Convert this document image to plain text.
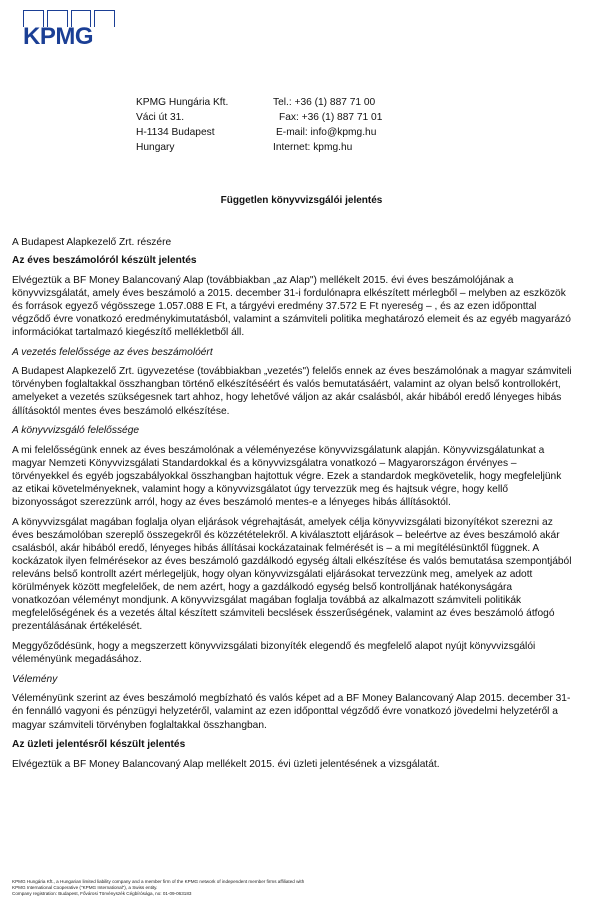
KPMG
KPMG Hungária Kft.	Tel.: +36 (1) 887 71 00
Váci út 31.	Fax: +36 (1) 887 71 01
H-1134 Budapest	E-mail: info@kpmg.hu
Hungary	Internet: kpmg.hu
Független könyvvizsgálói jelentés

A Budapest Alapkezelő Zrt. részére

Az éves beszámolóról készült jelentés

Elvégeztük a BF Money Balancovaný Alap (továbbiakban „az Alap") mellékelt 2015. évi éves beszámolójának a könyvvizsgálatát, amely éves beszámoló a 2015. december 31-i fordulónapra elkészített mérlegből – melyben az eszközök és források egyező végösszege 1.057.088 E Ft, a tárgyévi eredmény 37.572 E Ft nyereség – , és az ezen időponttal végződő évre vonatkozó eredménykimutatásból, valamint a számviteli politika meghatározó elemeit és az egyéb magyarázó információkat tartalmazó kiegészítő mellékletből áll.

A vezetés felelőssége az éves beszámolóért

A Budapest Alapkezelő Zrt. ügyvezetése (továbbiakban „vezetés") felelős ennek az éves beszámolónak a magyar számviteli törvényben foglaltakkal összhangban történő elkészítéséért és valós bemutatásáért, valamint az olyan belső kontrollokért, amelyeket a vezetés szükségesnek tart ahhoz, hogy lehetővé váljon az akár csalásból, akár hibából eredő lényeges hibás állításoktól mentes éves beszámoló elkészítése.

A könyvvizsgáló felelőssége

A mi felelősségünk ennek az éves beszámolónak a véleményezése könyvvizsgálatunk alapján. Könyvvizsgálatunkat a magyar Nemzeti Könyvvizsgálati Standardokkal és a könyvvizsgálatra vonatkozó – Magyarországon érvényes – törvényekkel és egyéb jogszabályokkal összhangban hajtottuk végre. Ezek a standardok megkövetelik, hogy megfeleljünk az etikai követelményeknek, valamint hogy a könyvvizsgálatot úgy tervezzük meg és hajtsuk végre, hogy kellő bizonyosságot szerezzünk arról, hogy az éves beszámoló mentes-e a lényeges hibás állításoktól.

A könyvvizsgálat magában foglalja olyan eljárások végrehajtását, amelyek célja könyvvizsgálati bizonyítékot szerezni az éves beszámolóban szereplő összegekről és közzétételekről. A kiválasztott eljárások – beleértve az éves beszámoló akár csalásból, akár hibából eredő, lényeges hibás állításai kockázatainak felmérését is – a mi megítélésünktől függnek. A kockázatok ilyen felmérésekor az éves beszámoló gazdálkodó egység általi elkészítése és valós bemutatása szempontjából releváns belső kontrollt azért mérlegeljük, hogy olyan könyvvizsgálati eljárásokat tervezzünk meg, amelyek az adott körülmények között megfelelőek, de nem azért, hogy a gazdálkodó egység belső kontrolljának hatékonyságára vonatkozóan véleményt mondjunk. A könyvvizsgálat magában foglalja továbbá az alkalmazott számviteli politikák megfelelőségének és a vezetés által készített számviteli becslések ésszerűségének, valamint az éves beszámoló átfogó prezentálásának értékelését.

Meggyőződésünk, hogy a megszerzett könyvvizsgálati bizonyíték elegendő és megfelelő alapot nyújt könyvvizsgálói véleményünk megadásához.

Vélemény

Véleményünk szerint az éves beszámoló megbízható és valós képet ad a BF Money Balancovaný Alap 2015. december 31-én fennálló vagyoni és pénzügyi helyzetéről, valamint az ezen időponttal végződő évre vonatkozó jövedelmi helyzetéről a magyar számviteli törvényben foglaltakkal összhangban.

Az üzleti jelentésről készült jelentés

Elvégeztük a BF Money Balancovaný Alap mellékelt 2015. évi üzleti jelentésének a vizsgálatát.

KPMG Hungária Kft., a Hungarian limited liability company and a member firm of the KPMG network of independent member firms affiliated with
KPMG International Cooperative ("KPMG International"), a Swiss entity.
Company registration: Budapest, Fővárosi Törvényszék Cégbírósága, no: 01-09-063183
